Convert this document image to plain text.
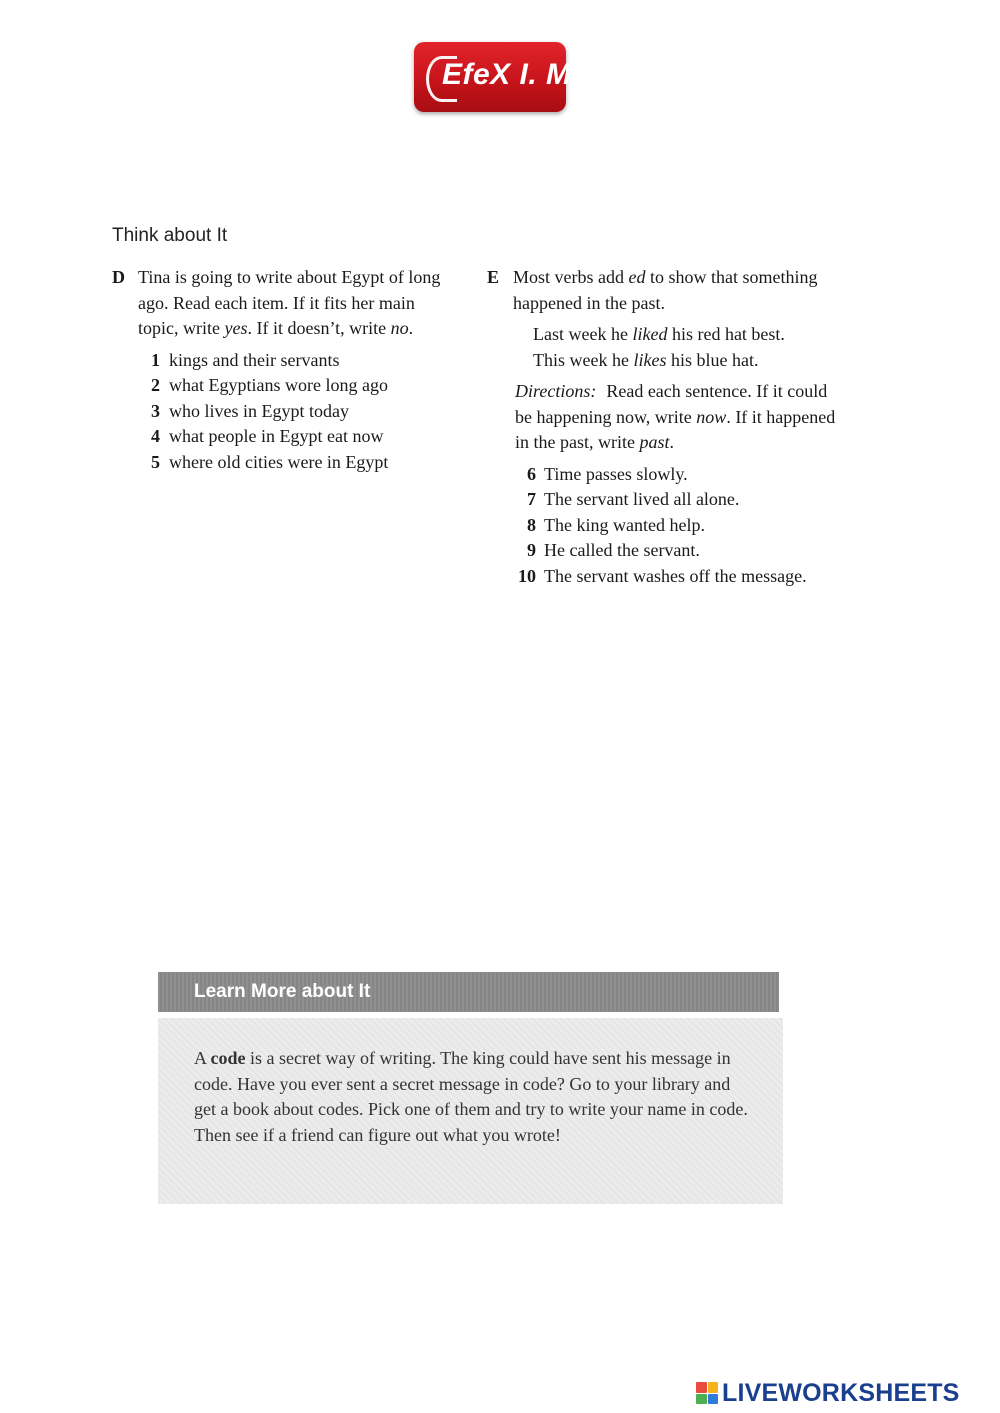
EfeX I. M.
Think about It
D Tina is going to write about Egypt of long ago. Read each item. If it fits her main topic, write yes. If it doesn’t, write no.
1 kings and their servants
2 what Egyptians wore long ago
3 who lives in Egypt today
4 what people in Egypt eat now
5 where old cities were in Egypt
E Most verbs add ed to show that something happened in the past.
Last week he liked his red hat best.
This week he likes his blue hat.
Directions: Read each sentence. If it could be happening now, write now. If it happened in the past, write past.
6 Time passes slowly.
7 The servant lived all alone.
8 The king wanted help.
9 He called the servant.
10 The servant washes off the message.
Learn More about It

A code is a secret way of writing. The king could have sent his message in code. Have you ever sent a secret message in code? Go to your library and get a book about codes. Pick one of them and try to write your name in code. Then see if a friend can figure out what you wrote!

LIVEWORKSHEETS
